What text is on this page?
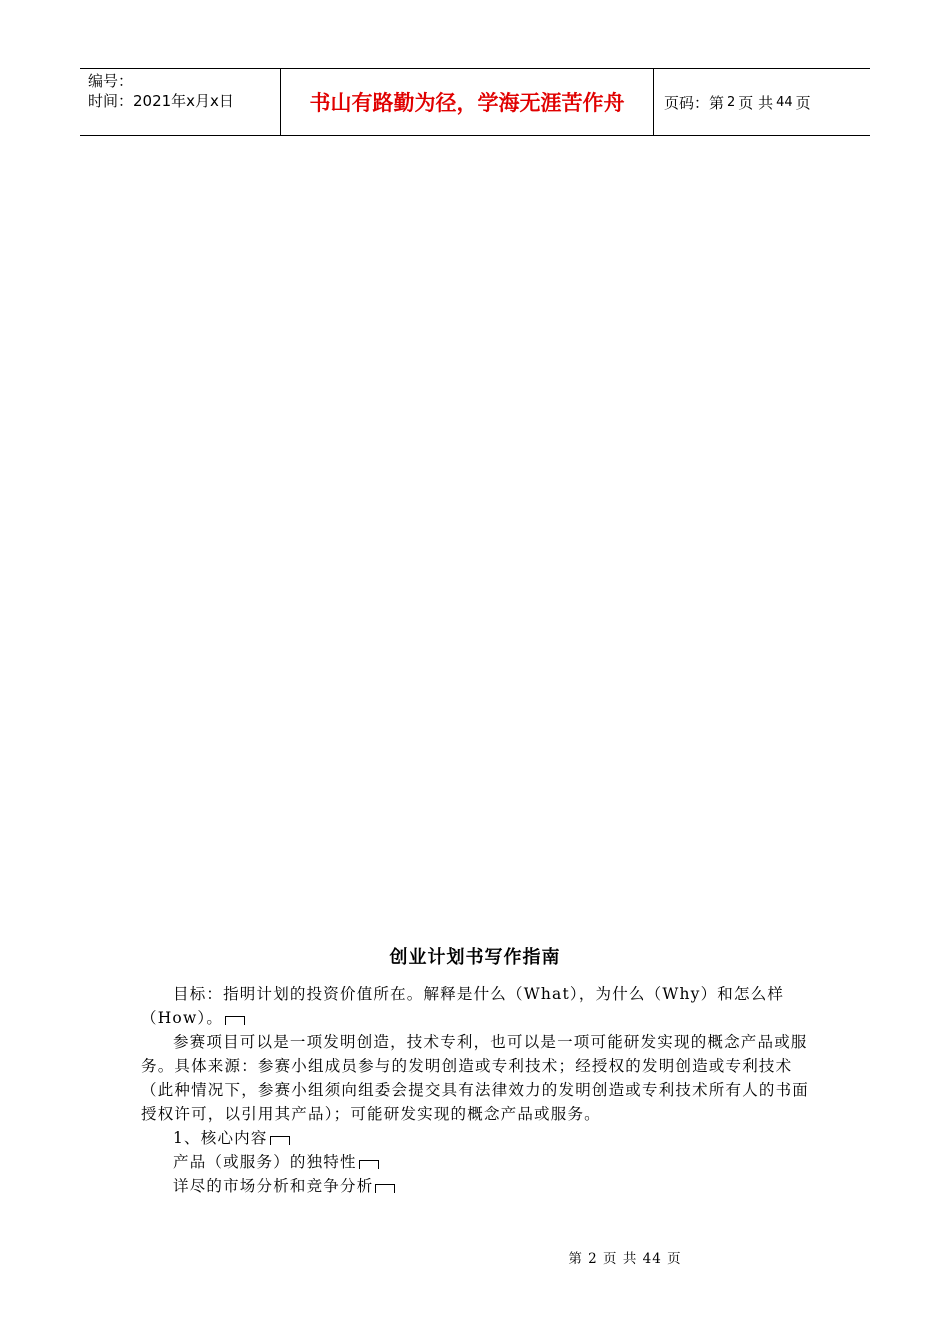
编号：
时间：2021年x月x日	书山有路勤为径，学海无涯苦作舟	页码：第 2 页 共 44 页
创业计划书写作指南

目标：指明计划的投资价值所在。解释是什么（What），为什么（Why）和怎么样（How）。

参赛项目可以是一项发明创造，技术专利，也可以是一项可能研发实现的概念产品或服务。具体来源：参赛小组成员参与的发明创造或专利技术；经授权的发明创造或专利技术（此种情况下，参赛小组须向组委会提交具有法律效力的发明创造或专利技术所有人的书面授权许可，以引用其产品）；可能研发实现的概念产品或服务。

1、核心内容

产品（或服务）的独特性

详尽的市场分析和竞争分析

第 2 页 共 44 页
